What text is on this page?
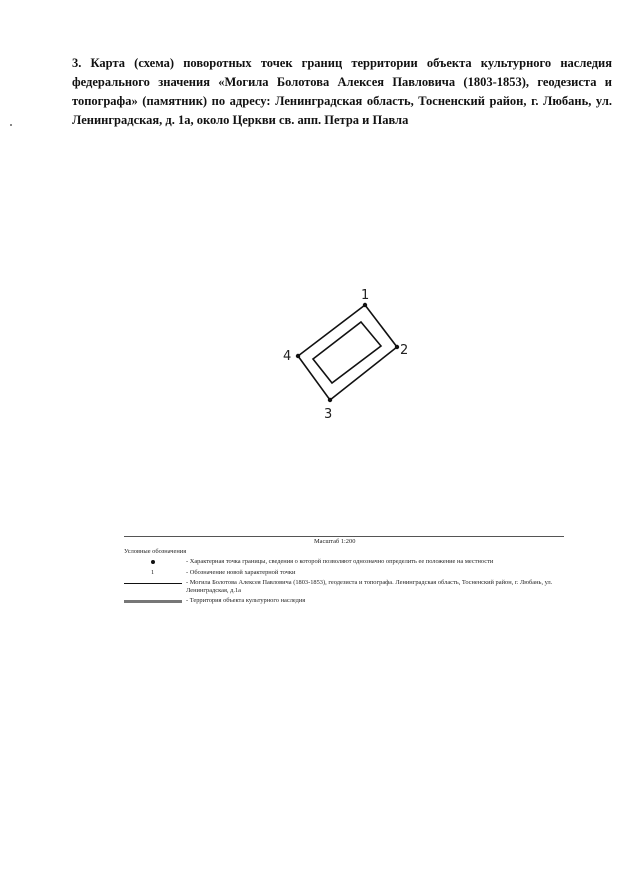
3. Карта (схема) поворотных точек границ территории объекта культурного наследия федерального значения «Могила Болотова Алексея Павловича (1803-1853), геодезиста и топографа» (памятник) по адресу: Ленинградская область, Тосненский район, г. Любань, ул. Ленинградская, д. 1а, около Церкви св. апп. Петра и Павла
1
2
3
4
Масштаб 1:200
Условные обозначения
- Характерная точка границы, сведения о которой позволяют однозначно определить ее положение на местности
1	- Обозначение новой характерной точки
- Могила Болотова Алексея Павловича (1803-1853), геодезиста и топографа. Ленинградская область, Тосненский район, г. Любань, ул. Ленинградская, д.1а
- Территория объекта культурного наследия
